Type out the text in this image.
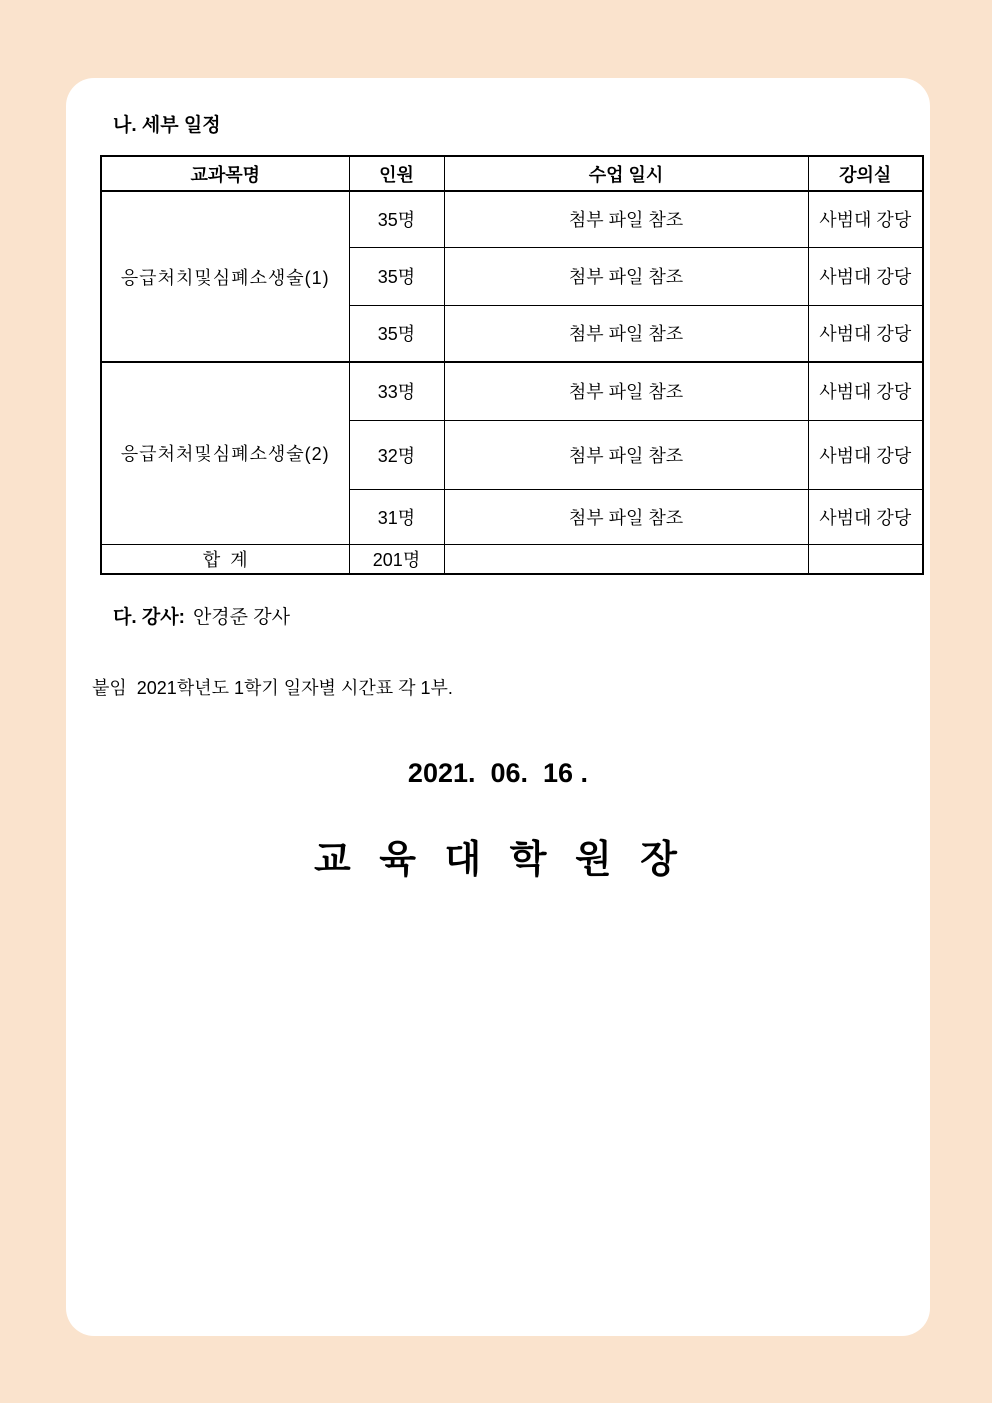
나. 세부 일정
교과목명	인원	수업 일시	강의실
응급처치및심폐소생술(1)	35명	첨부 파일 참조	사범대 강당
	35명	첨부 파일 참조	사범대 강당
	35명	첨부 파일 참조	사범대 강당
응급처처및심폐소생술(2)	33명	첨부 파일 참조	사범대 강당
	32명	첨부 파일 참조	사범대 강당
	31명	첨부 파일 참조	사범대 강당
합  계	201명		
다. 강사: 안경준 강사
붙임  2021학년도 1학기 일자별 시간표 각 1부.
2021.  06.  16 .
교 육 대 학 원 장
